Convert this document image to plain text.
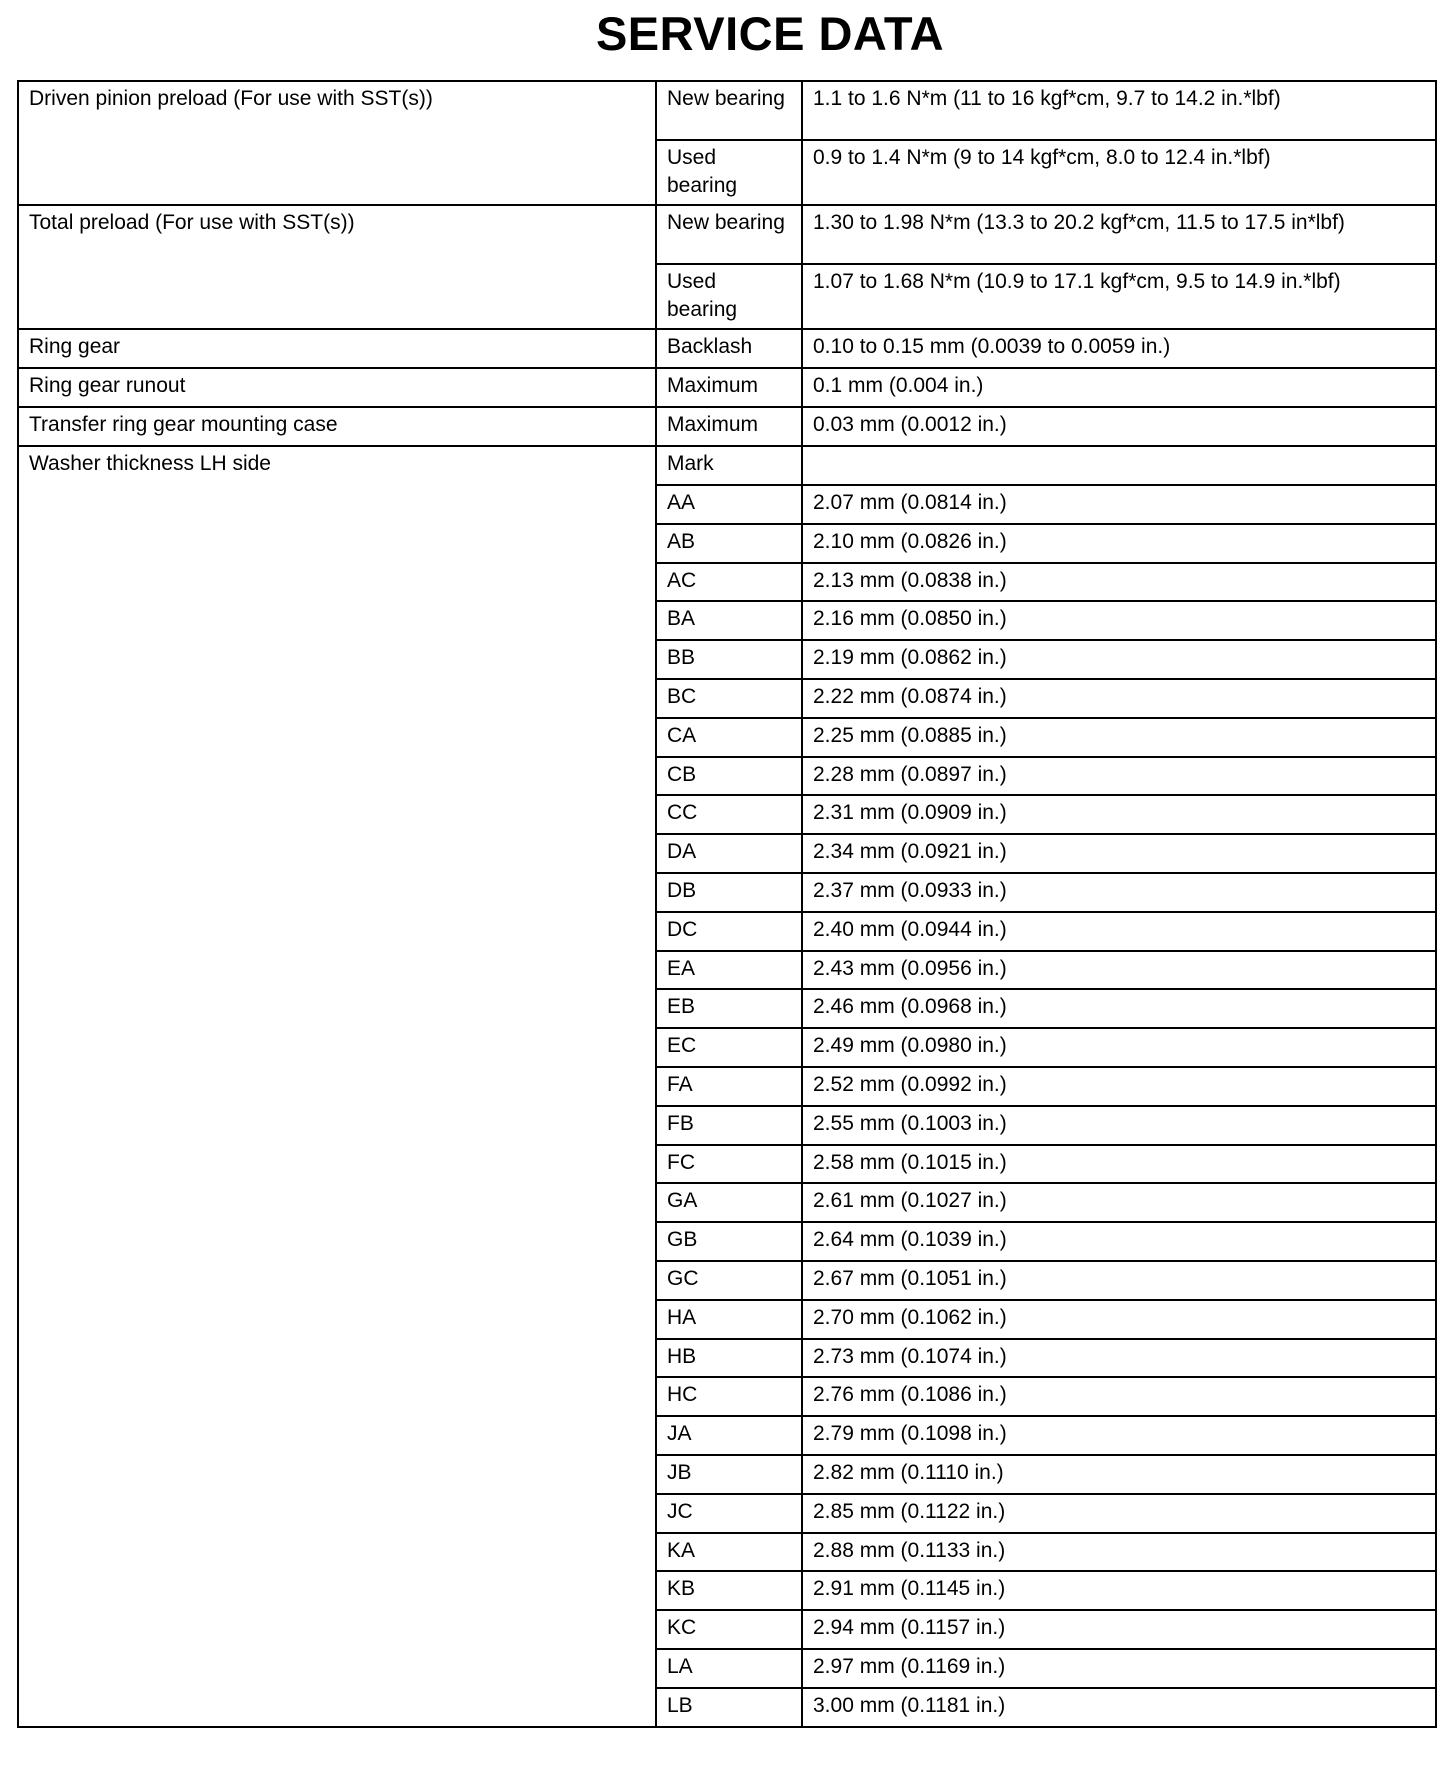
SERVICE DATA
Driven pinion preload (For use with SST(s))	New bearing	1.1 to 1.6 N*m (11 to 16 kgf*cm, 9.7 to 14.2 in.*lbf)
	Used bearing	0.9 to 1.4 N*m (9 to 14 kgf*cm, 8.0 to 12.4 in.*lbf)
Total preload (For use with SST(s))	New bearing	1.30 to 1.98 N*m (13.3 to 20.2 kgf*cm, 11.5 to 17.5 in*lbf)
	Used bearing	1.07 to 1.68 N*m (10.9 to 17.1 kgf*cm, 9.5 to 14.9 in.*lbf)
Ring gear	Backlash	0.10 to 0.15 mm (0.0039 to 0.0059 in.)
Ring gear runout	Maximum	0.1 mm (0.004 in.)
Transfer ring gear mounting case	Maximum	0.03 mm (0.0012 in.)
Washer thickness LH side	Mark	
	AA	2.07 mm (0.0814 in.)
	AB	2.10 mm (0.0826 in.)
	AC	2.13 mm (0.0838 in.)
	BA	2.16 mm (0.0850 in.)
	BB	2.19 mm (0.0862 in.)
	BC	2.22 mm (0.0874 in.)
	CA	2.25 mm (0.0885 in.)
	CB	2.28 mm (0.0897 in.)
	CC	2.31 mm (0.0909 in.)
	DA	2.34 mm (0.0921 in.)
	DB	2.37 mm (0.0933 in.)
	DC	2.40 mm (0.0944 in.)
	EA	2.43 mm (0.0956 in.)
	EB	2.46 mm (0.0968 in.)
	EC	2.49 mm (0.0980 in.)
	FA	2.52 mm (0.0992 in.)
	FB	2.55 mm (0.1003 in.)
	FC	2.58 mm (0.1015 in.)
	GA	2.61 mm (0.1027 in.)
	GB	2.64 mm (0.1039 in.)
	GC	2.67 mm (0.1051 in.)
	HA	2.70 mm (0.1062 in.)
	HB	2.73 mm (0.1074 in.)
	HC	2.76 mm (0.1086 in.)
	JA	2.79 mm (0.1098 in.)
	JB	2.82 mm (0.1110 in.)
	JC	2.85 mm (0.1122 in.)
	KA	2.88 mm (0.1133 in.)
	KB	2.91 mm (0.1145 in.)
	KC	2.94 mm (0.1157 in.)
	LA	2.97 mm (0.1169 in.)
	LB	3.00 mm (0.1181 in.)
